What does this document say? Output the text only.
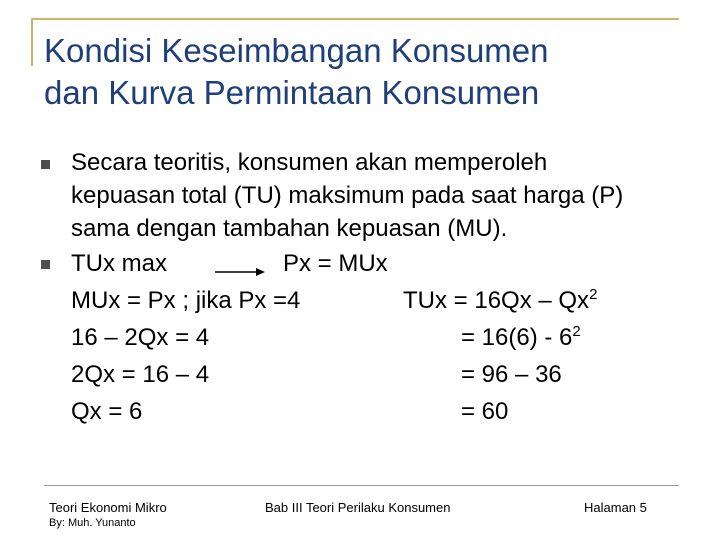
Kondisi Keseimbangan Konsumen
dan Kurva Permintaan Konsumen
Secara teoritis, konsumen akan memperoleh
kepuasan total (TU) maksimum pada saat harga (P)
sama dengan tambahan kepuasan (MU).
TUx max	Px = MUx
MUx = Px ; jika Px =4
16 – 2Qx = 4
2Qx = 16 – 4
Qx = 6
TUx = $16Qx - Qx^2$
= $16(6) - 6^2$
= 96 – 36
= 60
Teori Ekonomi Mikro
By: Muh. Yunanto
Bab III Teori Perilaku Konsumen	Halaman 5
